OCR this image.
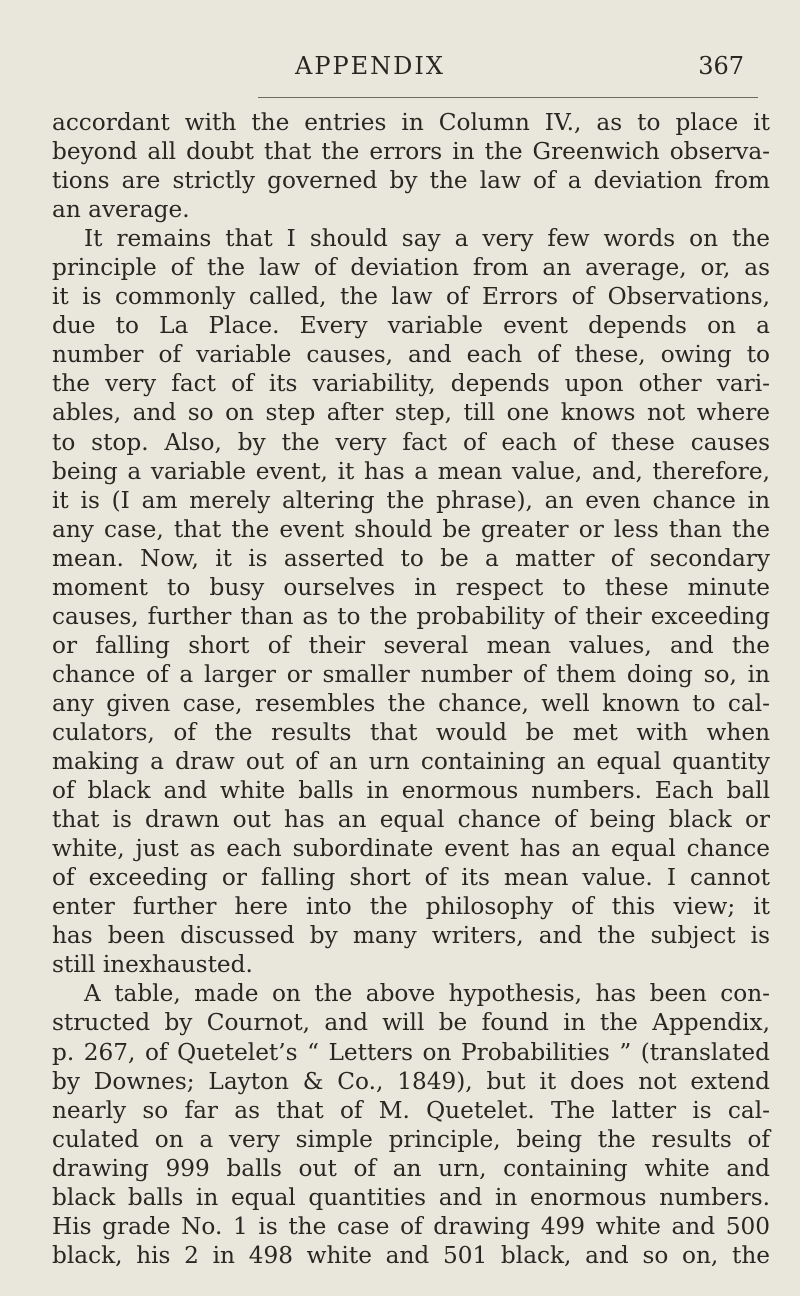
APPENDIX	367
accordant with the entries in Column IV., as to place it
beyond all doubt that the errors in the Greenwich observa-
tions are strictly governed by the law of a deviation from
an average.
It remains that I should say a very few words on the
principle of the law of deviation from an average, or, as
it is commonly called, the law of Errors of Observations,
due to La Place. Every variable event depends on a
number of variable causes, and each of these, owing to
the very fact of its variability, depends upon other vari-
ables, and so on step after step, till one knows not where
to stop. Also, by the very fact of each of these causes
being a variable event, it has a mean value, and, therefore,
it is (I am merely altering the phrase), an even chance in
any case, that the event should be greater or less than the
mean. Now, it is asserted to be a matter of secondary
moment to busy ourselves in respect to these minute
causes, further than as to the probability of their exceeding
or falling short of their several mean values, and the
chance of a larger or smaller number of them doing so, in
any given case, resembles the chance, well known to cal-
culators, of the results that would be met with when
making a draw out of an urn containing an equal quantity
of black and white balls in enormous numbers. Each ball
that is drawn out has an equal chance of being black or
white, just as each subordinate event has an equal chance
of exceeding or falling short of its mean value. I cannot
enter further here into the philosophy of this view; it
has been discussed by many writers, and the subject is
still inexhausted.
A table, made on the above hypothesis, has been con-
structed by Cournot, and will be found in the Appendix,
p. 267, of Quetelet’s “ Letters on Probabilities ” (translated
by Downes; Layton & Co., 1849), but it does not extend
nearly so far as that of M. Quetelet. The latter is cal-
culated on a very simple principle, being the results of
drawing 999 balls out of an urn, containing white and
black balls in equal quantities and in enormous numbers.
His grade No. 1 is the case of drawing 499 white and 500
black, his 2 in 498 white and 501 black, and so on, the
